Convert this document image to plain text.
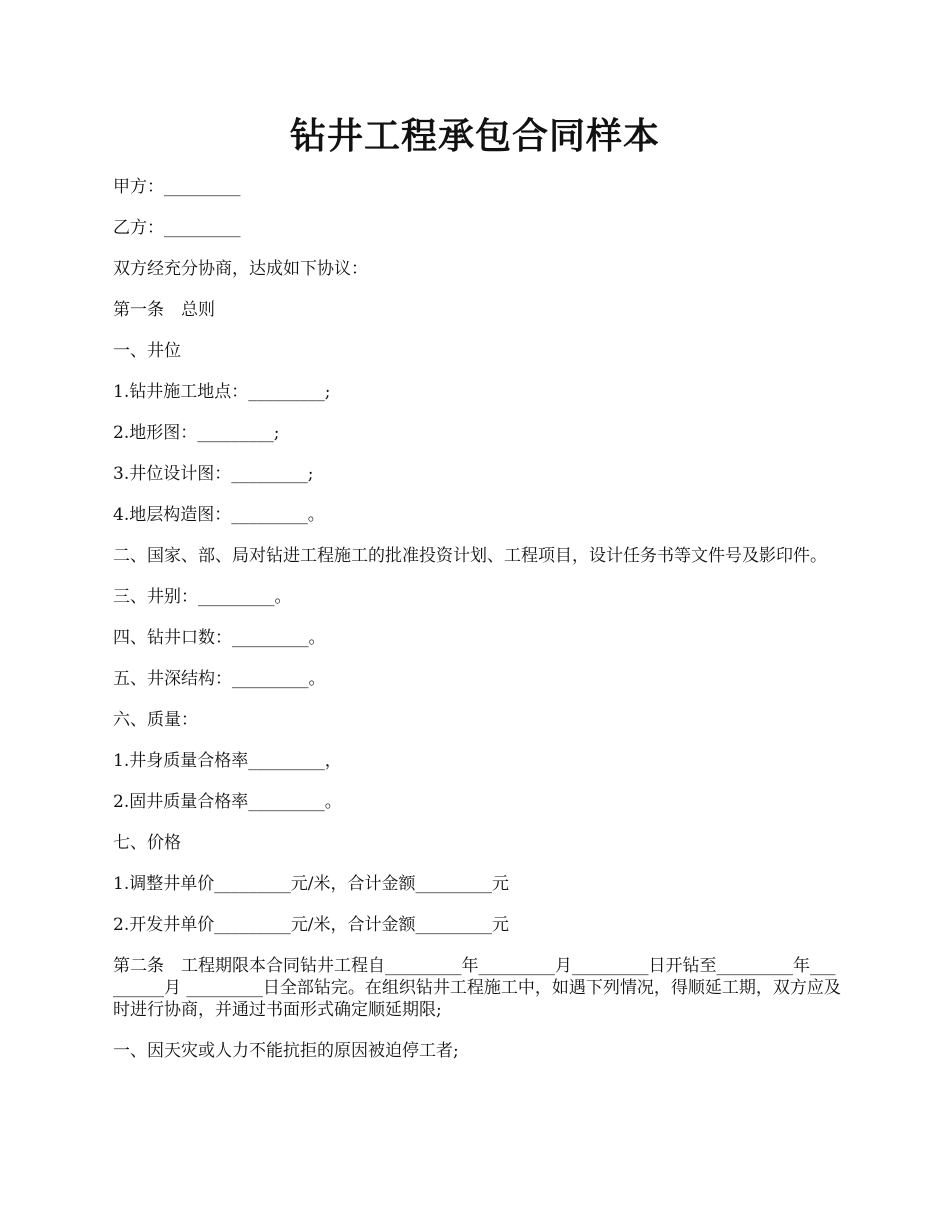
钻井工程承包合同样本

甲方：_________

乙方：_________

双方经充分协商，达成如下协议：

第一条　总则

一、井位

1.钻井施工地点：_________;

2.地形图：_________;

3.井位设计图：_________;

4.地层构造图：_________。

二、国家、部、局对钻进工程施工的批准投资计划、工程项目，设计任务书等文件号及影印件。

三、井别：_________。

四、钻井口数：_________。

五、井深结构：_________。

六、质量：

1.井身质量合格率_________，

2.固井质量合格率_________。

七、价格

1.调整井单价_________元/米，合计金额_________元

2.开发井单价_________元/米，合计金额_________元

第二条　工程期限本合同钻井工程自_________年_________月_________日开钻至_________年_________月 _________日全部钻完。在组织钻井工程施工中，如遇下列情况，得顺延工期，双方应及时进行协商，并通过书面形式确定顺延期限;

一、因天灾或人力不能抗拒的原因被迫停工者;
